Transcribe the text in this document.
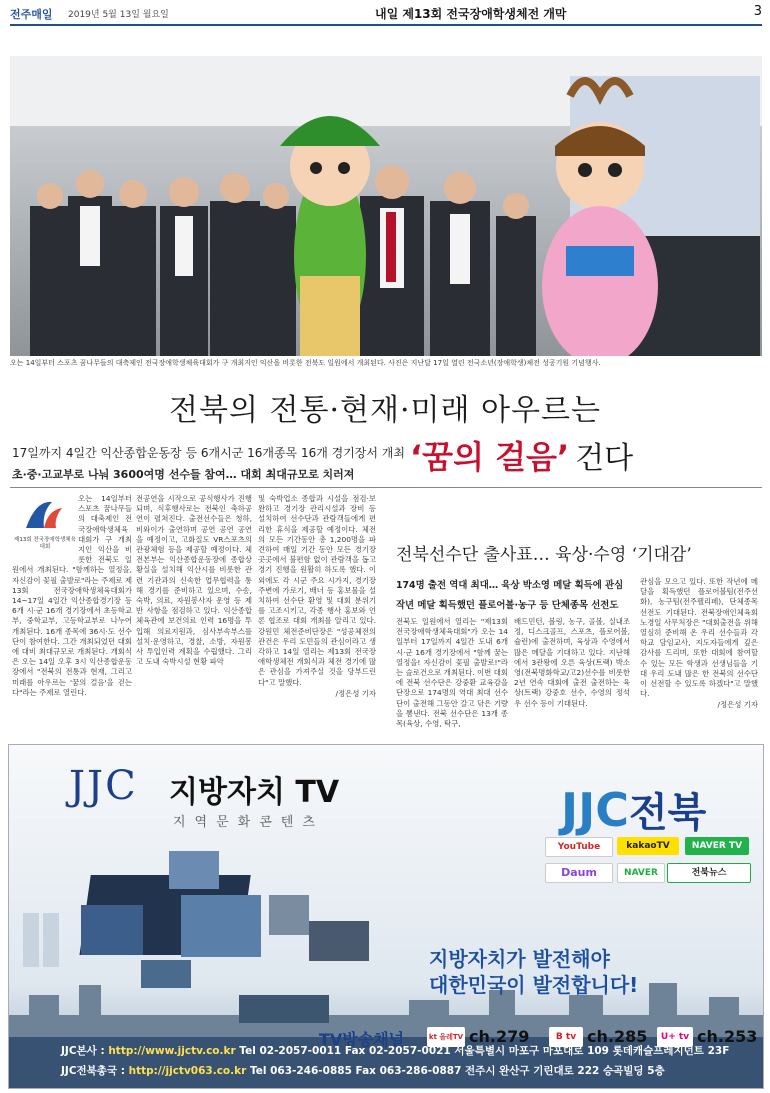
전주매일 2019년 5월 13일 월요일	내일 제13회 전국장애학생체전 개막	3
오는 14일부터 스포츠 꿈나무들의 대축제인 전국장애학생체육대회가 구 개최지인 익산을 비롯한 전북도 일원에서 개최된다. 사진은 지난달 17일 열린 전국소년(장애학생)체전 성공기원 기념행사.
전북의 전통·현재·미래 아우르는
17일까지 4일간 익산종합운동장 등 6개시군 16개종목 16개 경기장서 개최
초·중·고교부로 나눠 3600여명 선수들 참여… 대회 최대규모로 치러져 ‘꿈의 걸음’ 건다
제13회 전국장애학생체육대회
오는 14일부터 스포츠 꿈나무들의 대축제인 전국장애학생체육대회가 구 개최지인 익산을 비롯한 전북도 일원에서 개최된다. "함께하는 열정을, 자신감이 꽃필 출발로"라는 주제로 제13회 전국장애학생체육대회가 14~17일 4일간 익산종합경기장 등 6개 시·군 16개 경기장에서 초등학교부, 중학교부, 고등학교부로 나누어 개최된다. 16개 종목에 36시·도 선수단이 참여한다. 그간 개최되었던 대회에 대비 최대규모로 개최된다. 개회식은 오는 14일 오후 3시 익산종합운동장에서 "전북의 전통과 현재, 그리고 미래를 아우르는 '꿈의 걸음'을 걷는다"라는 주제로 열린다.
전공연을 시작으로 공식행사가 진행되며, 식후행사로는 전북인 축하공연이 펼쳐진다. 출전선수들은 청하, 비와이가 출연하며 공연 공연 공연을 예정이고, 고화질도 VR스포츠의 관광체험 등을 제공할 예정이다. 체전본부는 익산종합운동장에 종합상황실을 설치해 익산시를 비롯한 관련 기관과의 신속한 업무협력을 통해 경기를 준비하고 있으며, 수송, 숙박, 의료, 자원봉사자 운영 등 제반 사항을 점검하고 있다. 익산종합체육관에 보건의료 인력 16명을 투입해 의료지원과, 심사부속부스를 설치·운영하고, 경찰, 소방, 자원봉사 투입인력 계획을 수립했다. 그리고 도내 숙박시설 현황 파악
및 숙박업소 종합과 시설을 점검·보완하고 경기장 관리시설과 장비 등 설치하여 선수단과 관람객들에게 편리한 휴식을 제공할 예정이다. 체전의 모든 기간동안 총 1,200명을 파견하여 매일 기간 동안 모든 경기장 곳곳에서 불편함 없이 관람객을 돕고 경기 진행을 원활히 하도록 했다. 이외에도 각 시군 주요 시가지, 경기장 주변에 가로기, 배너 등 홍보물을 설치하여 선수단 환영 및 대회 분위기를 고조시키고, 각종 행사 홍보와 언론 협조로 대회 개최를 알리고 있다. 강원민 체전준비단장은 "성공체전의 관건은 우리 도민들의 관심이라고 생각하고 14일 열리는 제13회 전국장애학생체전 개회식과 체전 경기에 많은 관심을 가져주실 것을 당부드린다"고 말했다.
/정은성 기자
전북선수단 출사표… 육상·수영 ‘기대감’
174명 출전 역대 최대… 육상 박소영 메달 획득에 관심
작년 메달 획득했던 플로어볼·농구 등 단체종목 선전도
전북도 일원에서 열리는 "제13회 전국장애학생체육대회"가 오는 14일부터 17일까지 4일간 도내 6개 시·군 16개 경기장에서 "함께 꿈는 열정을! 자신감이 꽃필 출발로!"라는 슬로건으로 개최된다. 이번 대회에 전북 선수단은 강중환 교육감을 단장으로 174명의 역대 최대 선수단이 출전해 그동안 갈고 닦은 기량을 뽐낸다. 전북 선수단은 13개 종목(육상, 수영, 탁구,
배드민턴, 볼링, 농구, 골볼, 실내조정, 디스크골프, 스포츠, 플로어볼, 슐런)에 출전하며, 육상과 수영에서 많은 메달을 기대하고 있다. 지난해에서 3관왕에 오른 육상(트랙) 박소영(전북명화학교/고2)선수를 비롯한 2년 연속 대회에 출전 출전하는 육상(트랙) 강중호 선수, 수영의 정석우 선수 등이 기대된다.
관심을 모으고 있다. 또한 작년에 메달을 획득했던 플로어볼팀(전주선화), 농구팀(전주펠리페), 단체종목 선전도 기대된다. 전북장애인체육회 노경일 사무처장은 "대회출전을 위해 열심히 준비해 온 우리 선수들과 각 학교 담임교사, 지도자들에게 깊은 감사를 드리며, 또한 대회에 참여할 수 있는 모든 학생과 선생님들을 기대 우리 도내 많은 한 전북의 선수단이 선전할 수 있도록 하겠다"고 말했다.
/정은성 기자
JJC 지방자치 TV
지역문화콘텐츠	JJC전북
YouTube	kakaoTV	NAVER TV
Daum	NAVER	전북뉴스
지방자치가 발전해야
대한민국이 발전합니다!
TV방송채널	kt 올레TV ch.279	B tv ch.285	U+ tv ch.253
JJC본사 : http://www.jjctv.co.kr Tel 02-2057-0011 Fax 02-2057-0021 서울특별시 마포구 마포대로 109 롯데캐슬프레지던트 23F
JJC전북총국 : http://jjctv063.co.kr Tel 063-246-0885 Fax 063-286-0887 전주시 완산구 기린대로 222 승곡빌딩 5층
